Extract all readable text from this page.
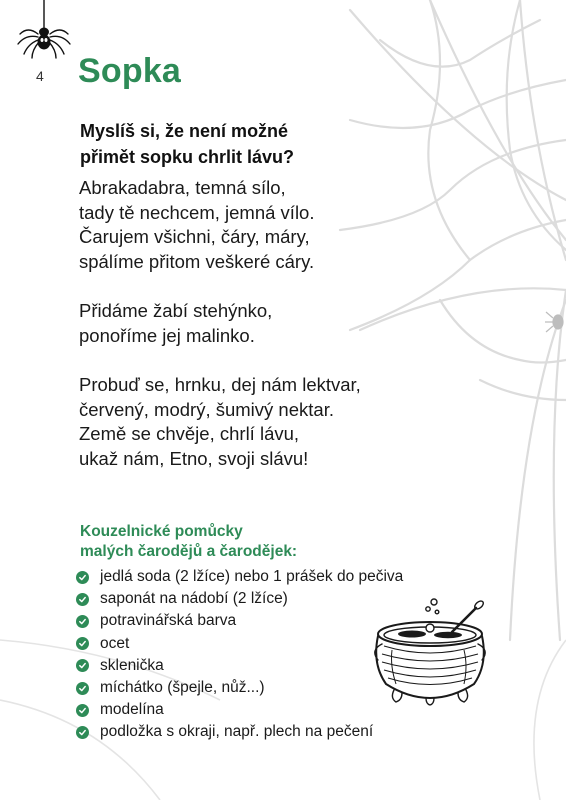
4 Sopka

Myslíš si, že není možné
přimět sopku chrlit lávu?

Abrakadabra, temná sílo,
tady tě nechcem, jemná vílo.
Čarujem všichni, čáry, máry,
spálíme přitom veškeré cáry.

Přidáme žabí stehýnko,
ponoříme jej malinko.

Probuď se, hrnku, dej nám lektvar,
červený, modrý, šumivý nektar.
Země se chvěje, chrlí lávu,
ukaž nám, Etno, svoji slávu!

Kouzelnické pomůcky
malých čarodějů a čarodějek:
jedlá soda (2 lžíce) nebo 1 prášek do pečiva
saponát na nádobí (2 lžíce)
potravinářská barva
ocet
sklenička
míchátko (špejle, nůž...)
modelína
podložka s okraji, např. plech na pečení
